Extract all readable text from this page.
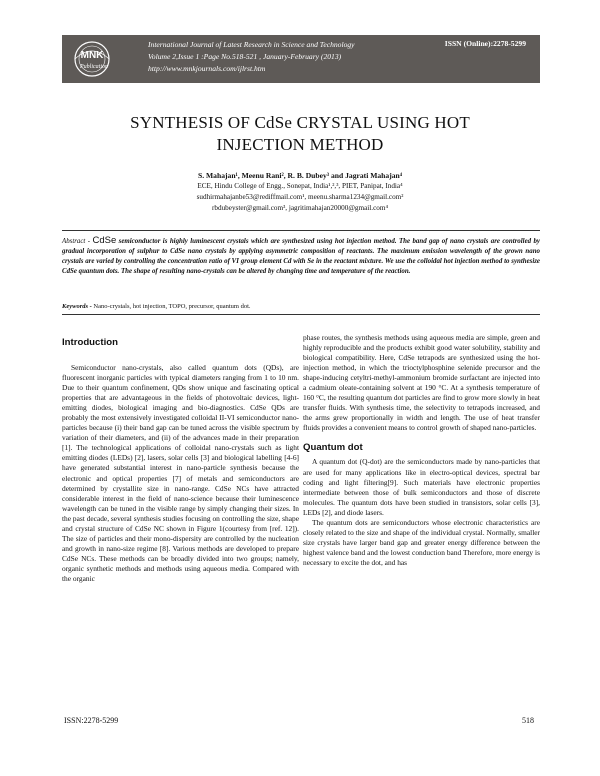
MNK
Publication
International Journal of Latest Research in Science and Technology
Volume 2,Issue 1 :Page No.518-521 , January-February (2013)
http://www.mnkjournals.com/ijlrst.htm
ISSN (Online):2278-5299
SYNTHESIS OF CdSe CRYSTAL USING HOT
INJECTION METHOD
S. Mahajan¹, Meenu Rani², R. B. Dubey³ and Jagrati Mahajan⁴
ECE, Hindu College of Engg., Sonepat, India¹,²,³, PIET, Panipat, India⁴
sudhirmahajanbe53@rediffmail.com¹, meenu.sharma1234@gmail.com²
rbdubeyster@gmail.com³, jagritimahajan20000@gmail.com⁴
Abstract - CdSe semiconductor is highly luminescent crystals which are synthesized using hot injection method. The band gap of nano crystals are controlled by gradual incorporation of sulphur to CdSe nano crystals by applying asymmetric composition of reactants. The maximum emission wavelength of the grown nano crystals are varied by controlling the concentration ratio of VI group element Cd with Se in the reactant mixture. We use the colloidal hot injection method to synthesize CdSe quantum dots. The shape of resulting nano-crystals can be altered by changing time and temperature of the reaction.
Keywords - Nano-crystals, hot injection, TOPO, precursor, quantum dot.
Introduction

Semiconductor nano-crystals, also called quantum dots (QDs), are fluorescent inorganic particles with typical diameters ranging from 1 to 10 nm. Due to their quantum confinement, QDs show unique and fascinating optical properties that are advantageous in the fields of photovoltaic devices, light-emitting diodes, biological imaging and bio-diagnostics. CdSe QDs are probably the most extensively investigated colloidal II-VI semiconductor nano-particles because (i) their band gap can be tuned across the visible spectrum by variation of their diameters, and (ii) of the advances made in their preparation [1]. The technological applications of colloidal nano-crystals such as light emitting diodes (LEDs) [2], lasers, solar cells [3] and biological labelling [4-6] have generated substantial interest in nano-particle synthesis because the electronic and optical properties [7] of metals and semiconductors are determined by crystallite size in nano-range. CdSe NCs have attracted considerable interest in the field of nano-science because their luminescence wavelength can be tuned in the visible range by simply changing their sizes. In the past decade, several synthesis studies focusing on controlling the size, shape and crystal structure of CdSe NC shown in Figure 1(courtesy from [ref. 12]). The size of particles and their mono-dispersity are controlled by the nucleation and growth in nano-size regime [8]. Various methods are developed to prepare CdSe NCs. These methods can be broadly divided into two groups; namely, organic synthetic methods and methods using aqueous media. Compared with the organic

phase routes, the synthesis methods using aqueous media are simple, green and highly reproducible and the products exhibit good water solubility, stability and biological compatibility. Here, CdSe tetrapods are synthesized using the hot-injection method, in which the trioctylphosphine selenide precursor and the shape-inducing cetyltri-methyl-ammonium bromide surfactant are injected into a cadmium oleate-containing solvent at 190 °C. At a synthesis temperature of 160 °C, the resulting quantum dot particles are find to grow more slowly in heat transfer fluids. With synthesis time, the selectivity to tetrapods increased, and the arms grew proportionally in width and length. The use of heat transfer fluids provides a convenient means to control growth of shaped nano-particles.

Quantum dot

A quantum dot (Q-dot) are the semiconductors made by nano-particles that are used for many applications like in electro-optical devices, spectral bar coding and light filtering[9]. Such materials have electronic properties intermediate between those of bulk semiconductors and those of discrete molecules. The quantum dots have been studied in transistors, solar cells [3], LEDs [2], and diode lasers.

The quantum dots are semiconductors whose electronic characteristics are closely related to the size and shape of the individual crystal. Normally, smaller size crystals have larger band gap and greater energy difference between the highest valence band and the lowest conduction band Therefore, more energy is necessary to excite the dot, and has

ISSN:2278-5299	518
